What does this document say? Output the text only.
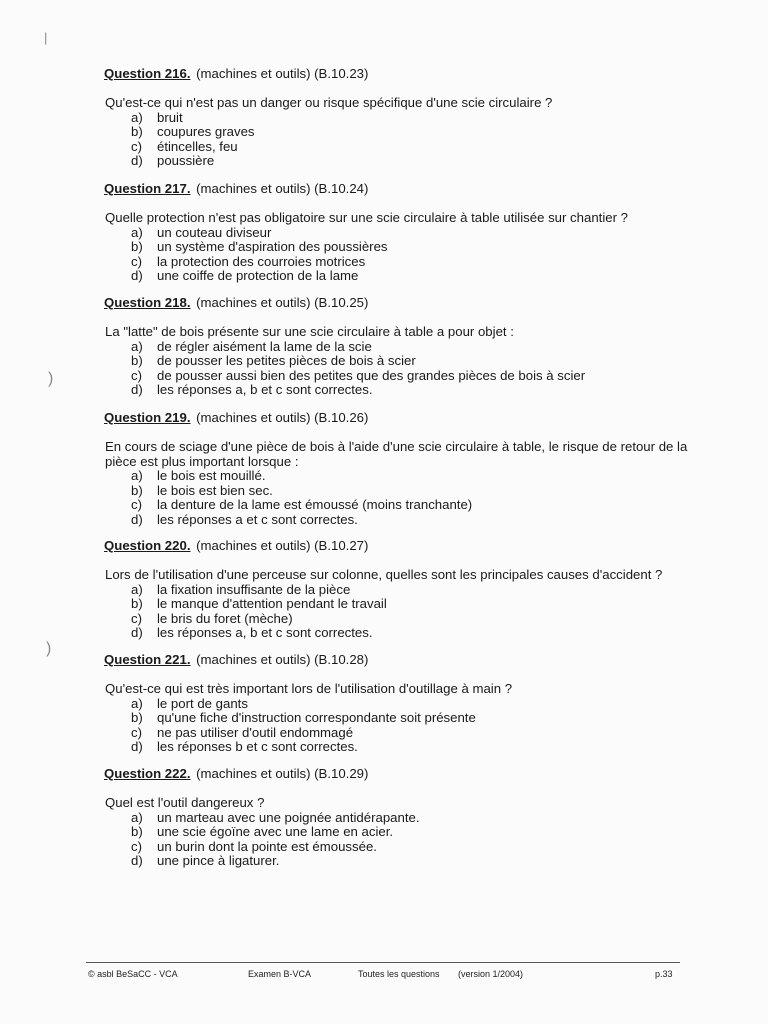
|
)
)
Question 216. (machines et outils) (B.10.23)

Qu'est-ce qui n'est pas un danger ou risque spécifique d'une scie circulaire ?

a)	bruit
b)	coupures graves
c)	étincelles, feu
d)	poussière
Question 217. (machines et outils) (B.10.24)

Quelle protection n'est pas obligatoire sur une scie circulaire à table utilisée sur chantier ?

a)	un couteau diviseur
b)	un système d'aspiration des poussières
c)	la protection des courroies motrices
d)	une coiffe de protection de la lame
Question 218. (machines et outils) (B.10.25)

La "latte" de bois présente sur une scie circulaire à table a pour objet :

a)	de régler aisément la lame de la scie
b)	de pousser les petites pièces de bois à scier
c)	de pousser aussi bien des petites que des grandes pièces de bois à scier
d)	les réponses a, b et c sont correctes.
Question 219. (machines et outils) (B.10.26)

En cours de sciage d'une pièce de bois à l'aide d'une scie circulaire à table, le risque de retour de la pièce est plus important lorsque :

a)	le bois est mouillé.
b)	le bois est bien sec.
c)	la denture de la lame est émoussé (moins tranchante)
d)	les réponses a et c sont correctes.
Question 220. (machines et outils) (B.10.27)

Lors de l'utilisation d'une perceuse sur colonne, quelles sont les principales causes d'accident ?

a)	la fixation insuffisante de la pièce
b)	le manque d'attention pendant le travail
c)	le bris du foret (mèche)
d)	les réponses a, b et c sont correctes.
Question 221. (machines et outils) (B.10.28)

Qu'est-ce qui est très important lors de l'utilisation d'outillage à main ?

a)	le port de gants
b)	qu'une fiche d'instruction correspondante soit présente
c)	ne pas utiliser d'outil endommagé
d)	les réponses b et c sont correctes.
Question 222. (machines et outils) (B.10.29)

Quel est l'outil dangereux ?

a)	un marteau avec une poignée antidérapante.
b)	une scie égoïne avec une lame en acier.
c)	un burin dont la pointe est émoussée.
d)	une pince à ligaturer.
© asbl BeSaCC - VCA	Examen B-VCA	Toutes les questions (version 1/2004)	p.33
